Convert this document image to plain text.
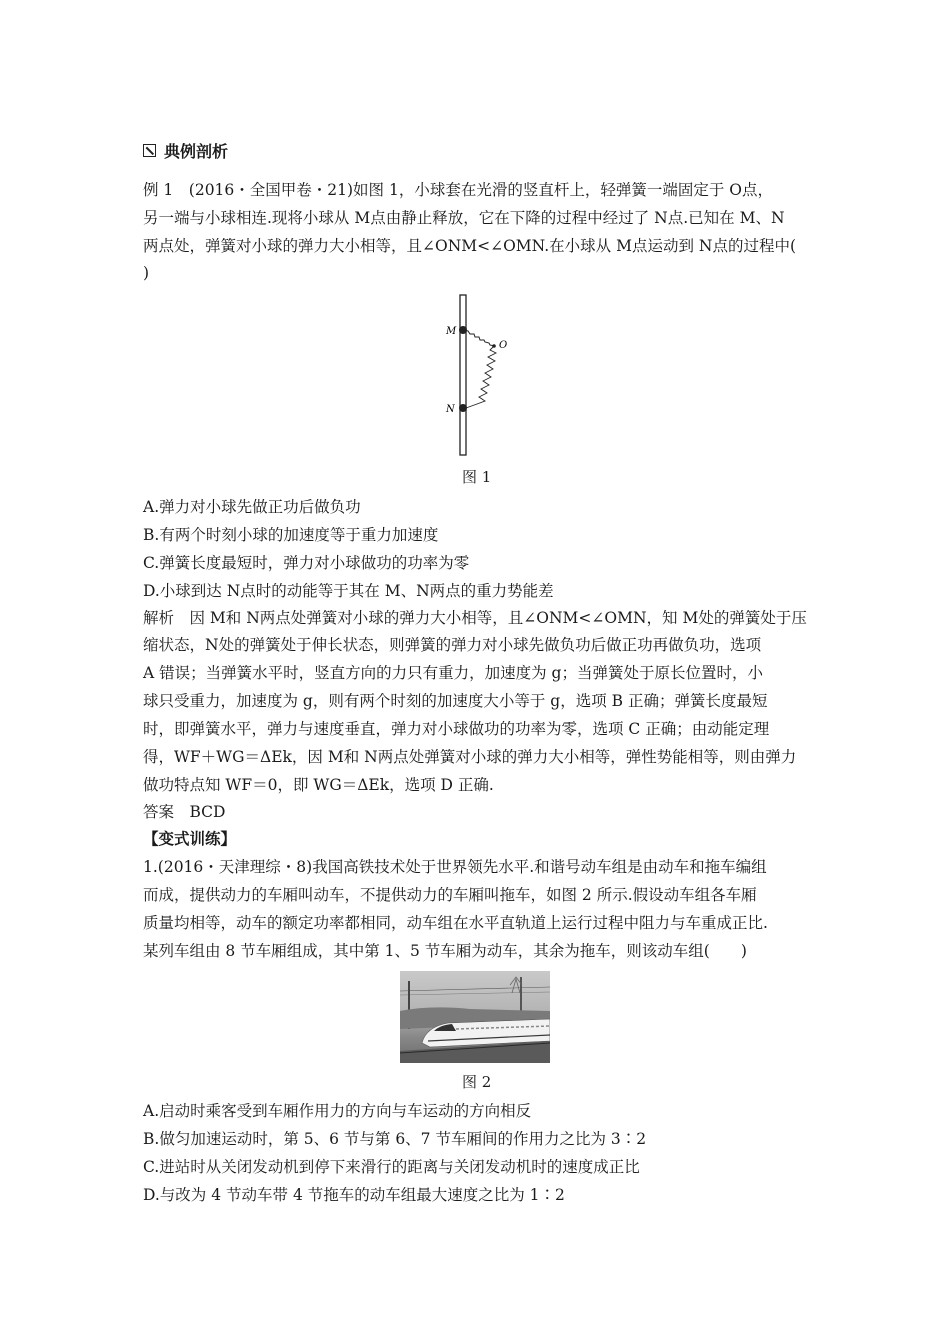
典例剖析
例 1　(2016・全国甲卷・21)如图 1，小球套在光滑的竖直杆上，轻弹簧一端固定于 O点，
另一端与小球相连.现将小球从 M点由静止释放，它在下降的过程中经过了 N点.已知在 M、N
两点处，弹簧对小球的弹力大小相等，且∠ONM<∠OMN.在小球从 M点运动到 N点的过程中(
)
M
O
N
图 1
A.弹力对小球先做正功后做负功
B.有两个时刻小球的加速度等于重力加速度
C.弹簧长度最短时，弹力对小球做功的功率为零
D.小球到达 N点时的动能等于其在 M、N两点的重力势能差
解析　因 M和 N两点处弹簧对小球的弹力大小相等，且∠ONM<∠OMN，知 M处的弹簧处于压
缩状态，N处的弹簧处于伸长状态，则弹簧的弹力对小球先做负功后做正功再做负功，选项
A 错误；当弹簧水平时，竖直方向的力只有重力，加速度为 g；当弹簧处于原长位置时，小
球只受重力，加速度为 g，则有两个时刻的加速度大小等于 g，选项 B 正确；弹簧长度最短
时，即弹簧水平，弹力与速度垂直，弹力对小球做功的功率为零，选项 C 正确；由动能定理
得，WF＋WG＝ΔEk，因 M和 N两点处弹簧对小球的弹力大小相等，弹性势能相等，则由弹力
做功特点知 WF＝0，即 WG＝ΔEk，选项 D 正确.
答案　BCD
【变式训练】
1.(2016・天津理综・8)我国高铁技术处于世界领先水平.和谐号动车组是由动车和拖车编组
而成，提供动力的车厢叫动车，不提供动力的车厢叫拖车，如图 2 所示.假设动车组各车厢
质量均相等，动车的额定功率都相同，动车组在水平直轨道上运行过程中阻力与车重成正比.
某列车组由 8 节车厢组成，其中第 1、5 节车厢为动车，其余为拖车，则该动车组(　　)
图 2
A.启动时乘客受到车厢作用力的方向与车运动的方向相反
B.做匀加速运动时，第 5、6 节与第 6、7 节车厢间的作用力之比为 3∶2
C.进站时从关闭发动机到停下来滑行的距离与关闭发动机时的速度成正比
D.与改为 4 节动车带 4 节拖车的动车组最大速度之比为 1∶2
